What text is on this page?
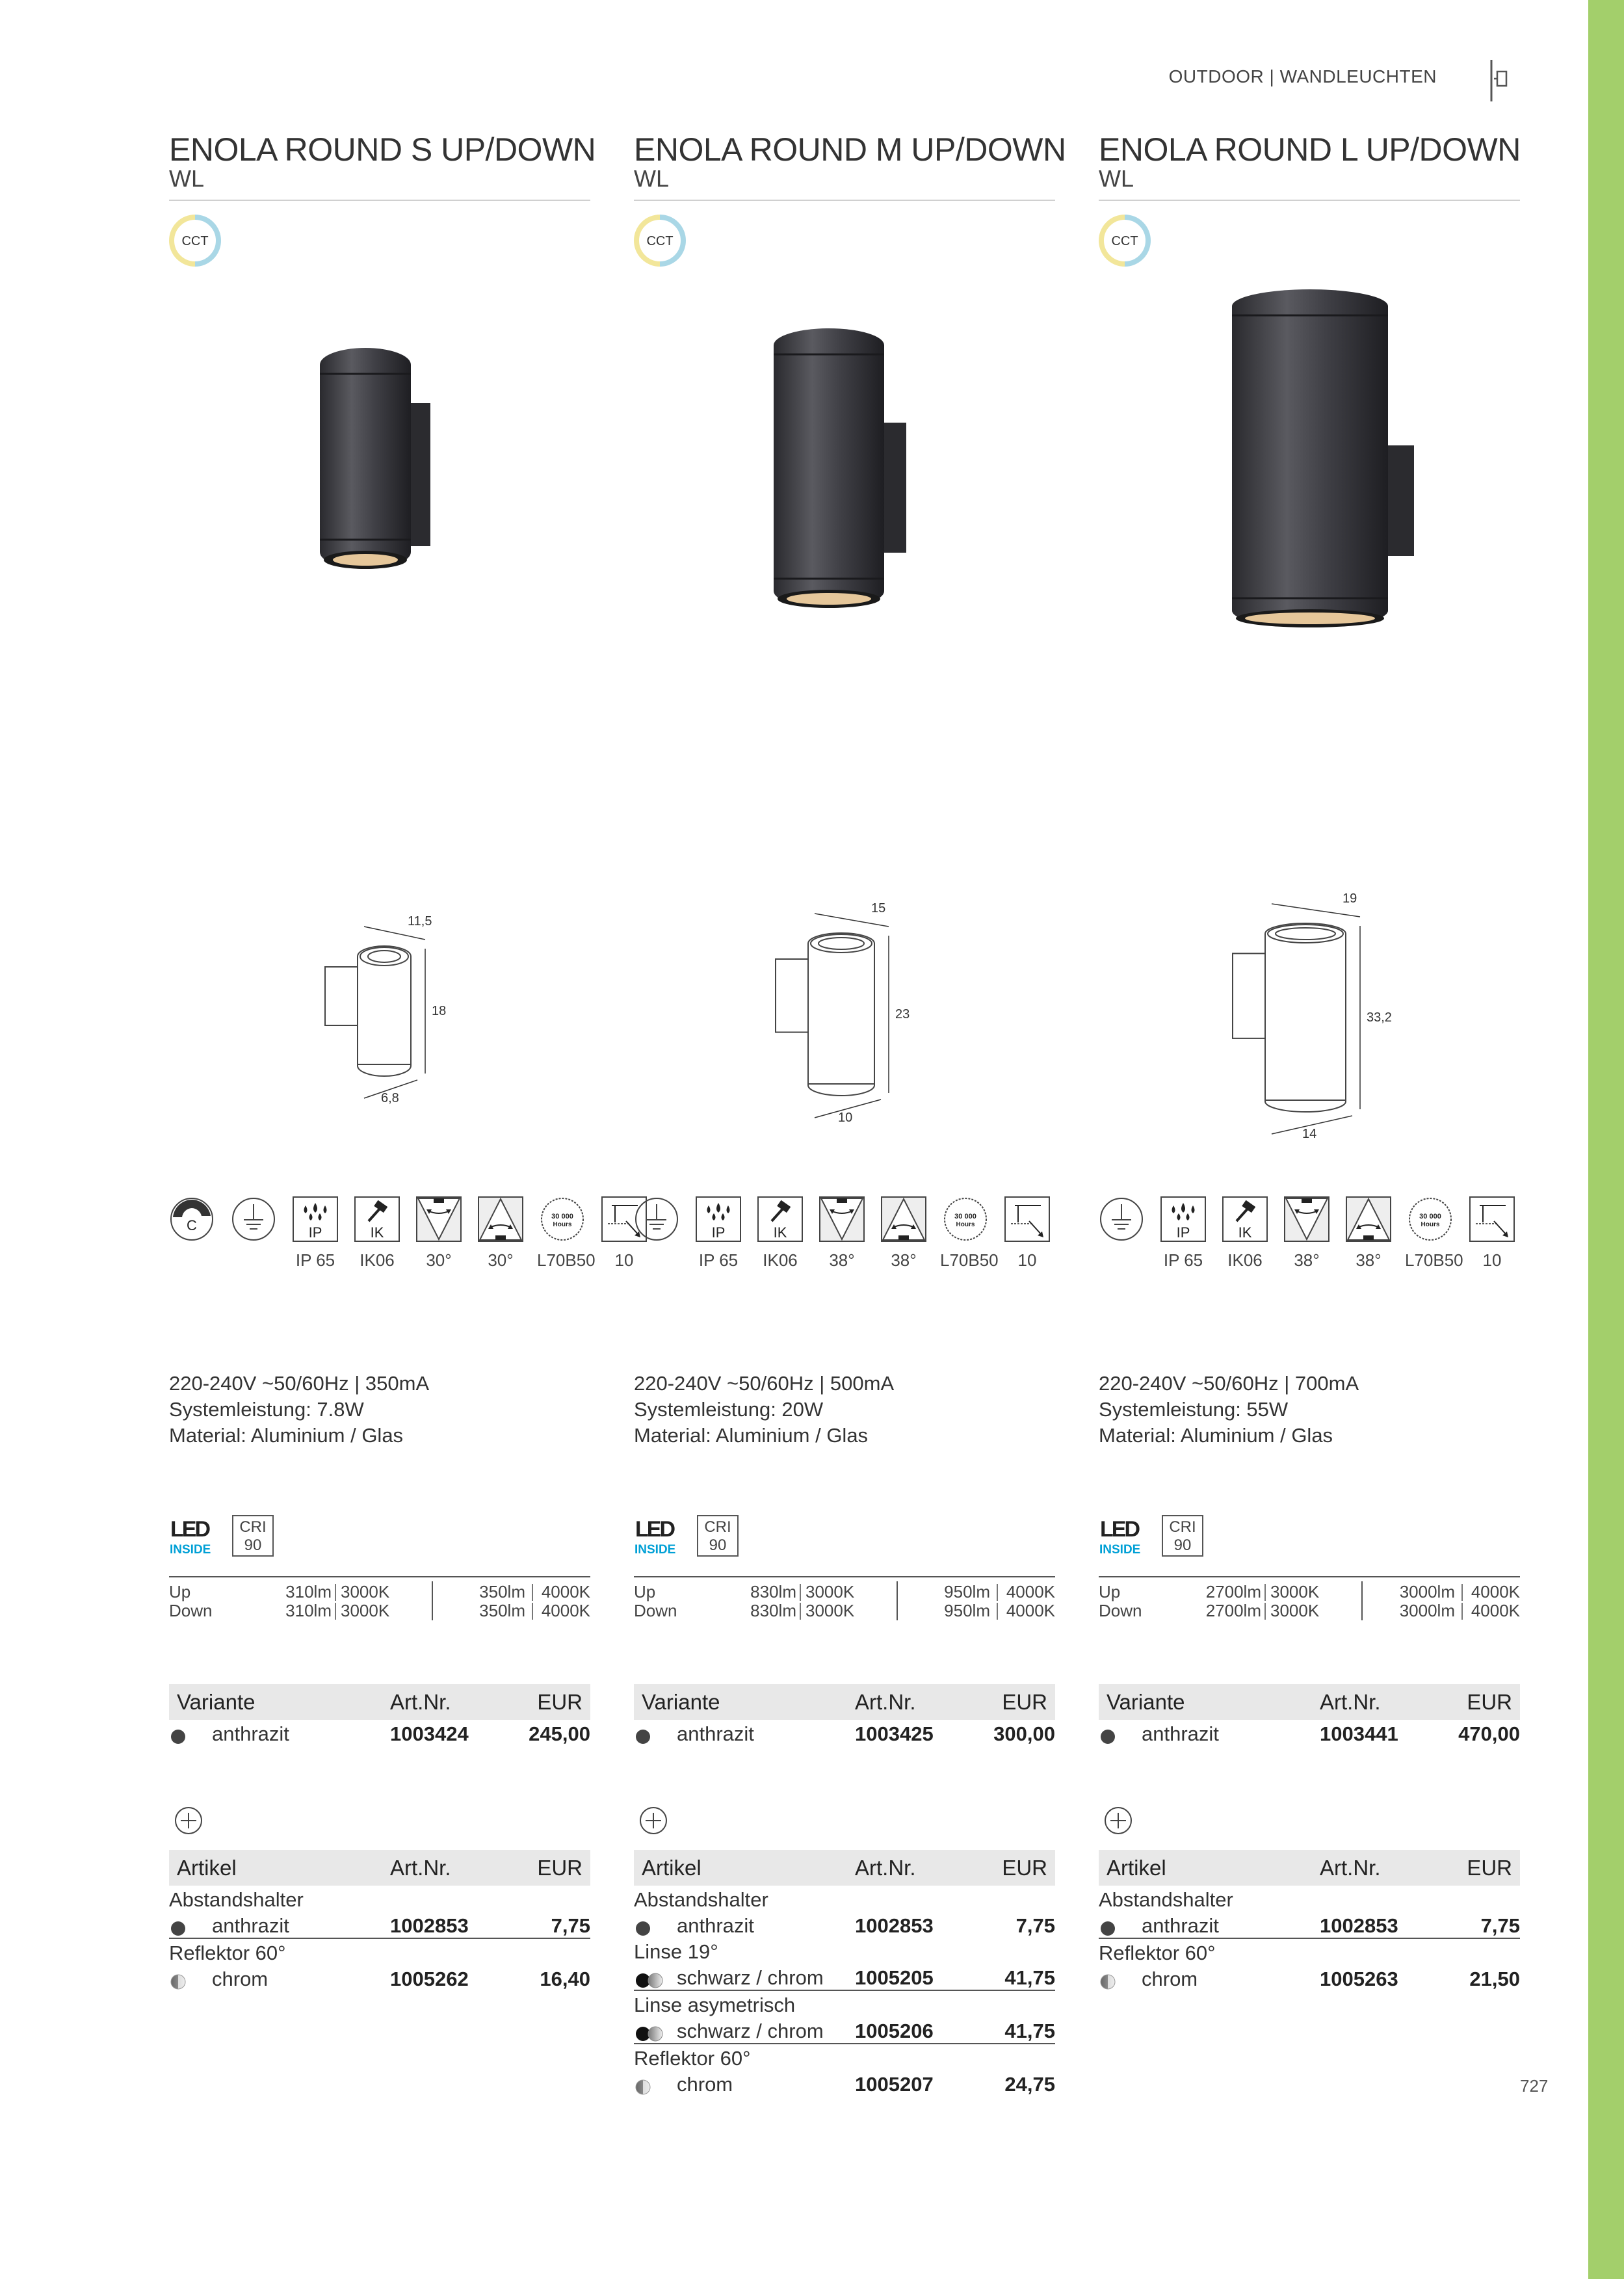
OUTDOOR | WANDLEUCHTEN
727
ENOLA ROUND S UP/DOWN
WL
CCT
11,5
18
6,8
C	IP
IP 65
IK
IK06	30°	30°
30 000
Hours
L70B50	10
220-240V ~50/60Hz | 350mA
Systemleistung: 7.8W
Material: Aluminium / Glas
LED
INSIDE
CRI
90
Up	310lm 3000K	350lm 4000K
Down	310lm 3000K	350lm 4000K
Variante	Art.Nr.	EUR
anthrazit	1003424	245,00
Artikel	Art.Nr.	EUR
Abstandshalter
anthrazit	1002853	7,75
Reflektor 60°
chrom	1005262	16,40
ENOLA ROUND M UP/DOWN
WL
CCT
15
23
10
IP
IP 65
IK
IK06	38°	38°
30 000
Hours
L70B50	10
220-240V ~50/60Hz | 500mA
Systemleistung: 20W
Material: Aluminium / Glas
LED
INSIDE
CRI
90
Up	830lm 3000K	950lm 4000K
Down	830lm 3000K	950lm 4000K
Variante	Art.Nr.	EUR
anthrazit	1003425	300,00
Artikel	Art.Nr.	EUR
Abstandshalter
anthrazit	1002853	7,75
Linse 19°
schwarz / chrom 1005205	41,75
Linse asymetrisch
schwarz / chrom 1005206	41,75
Reflektor 60°
chrom	1005207	24,75
ENOLA ROUND L UP/DOWN
WL
CCT
19
33,2
14
IP
IP 65
IK
IK06	38°	38°
30 000
Hours
L70B50	10
220-240V ~50/60Hz | 700mA
Systemleistung: 55W
Material: Aluminium / Glas
LED
INSIDE
CRI
90
Up	2700lm 3000K	3000lm 4000K
Down	2700lm 3000K	3000lm 4000K
Variante	Art.Nr.	EUR
anthrazit	1003441	470,00
Artikel	Art.Nr.	EUR
Abstandshalter
anthrazit	1002853	7,75
Reflektor 60°
chrom	1005263	21,50
